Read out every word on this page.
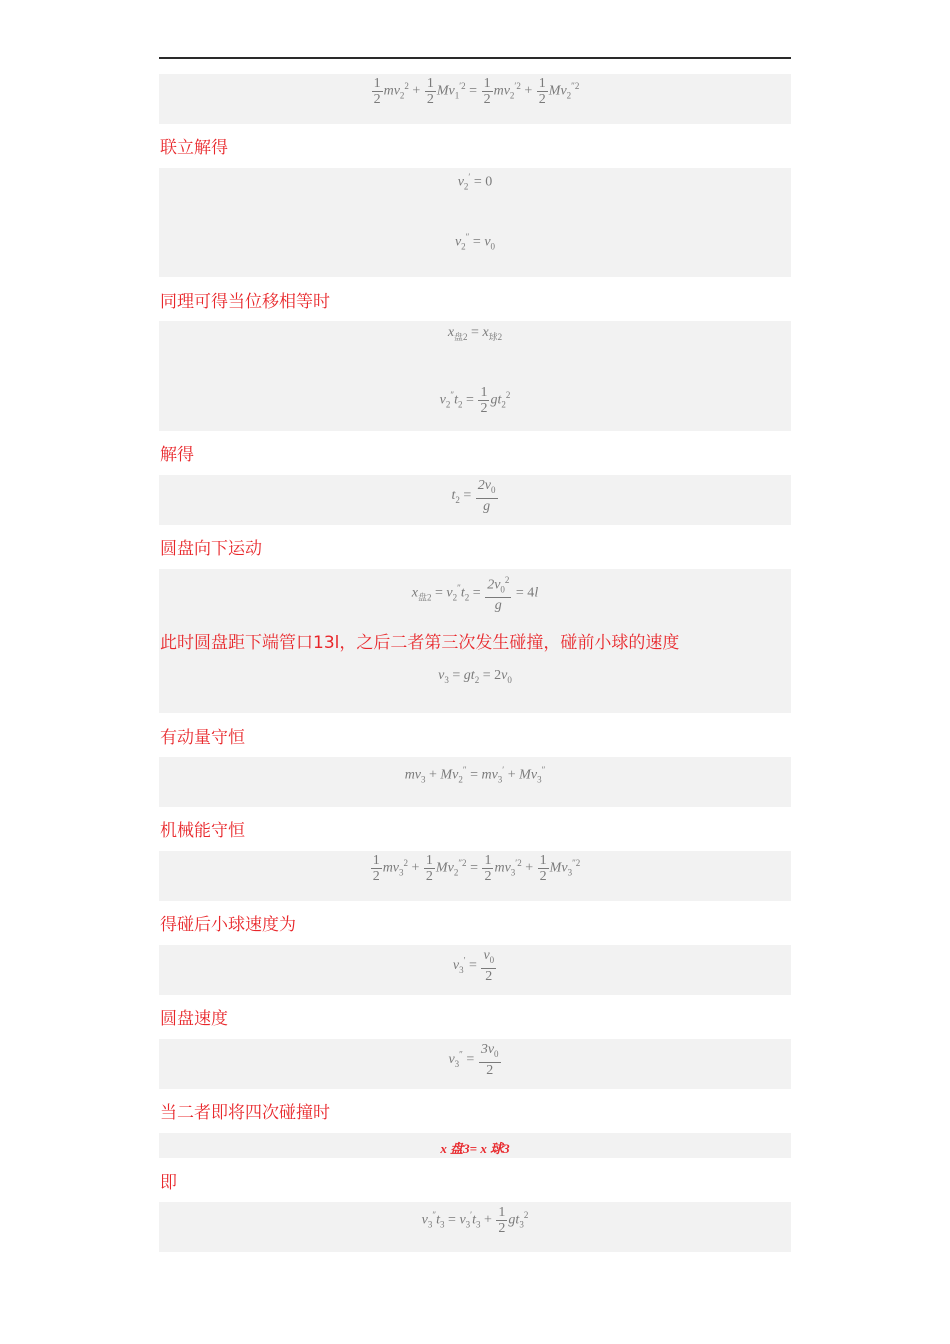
$\frac{1}{2} mv_2^2 + \frac{1}{2} Mv_1^{'2} = \frac{1}{2} mv_2^{'2} + \frac{1}{2} Mv_2^{''2}$
联立解得
$v_2' = 0$
$v_2'' = v_0$
同理可得当位移相等时
$x_{盘2} = x_{球2}$
$v_2''t_2 = \frac{1}{2} gt_2^2$
解得
$t_2 = \frac{2v_0}{g}$
圆盘向下运动
$x_{盘2} = v_2''t_2 = \frac{2v_0^2}{g} = 4l$
此时圆盘距下端管口13l，之后二者第三次发生碰撞，碰前小球的速度
$v_3 = gt_2 = 2v_0$
有动量守恒
$mv_3 + Mv_2'' = mv_3' + Mv_3''$
机械能守恒
$\frac{1}{2} mv_3^2 + \frac{1}{2} Mv_2^{''2} = \frac{1}{2} mv_3^{'2} + \frac{1}{2} Mv_3^{''2}$
得碰后小球速度为
$v_3' = \frac{v_0}{2}$
圆盘速度
$v_3'' = \frac{3v_0}{2}$
当二者即将四次碰撞时
x 盘3= x 球3
即
$v_3''t_3 = v_3't_3 + \frac{1}{2} gt_3^2$
